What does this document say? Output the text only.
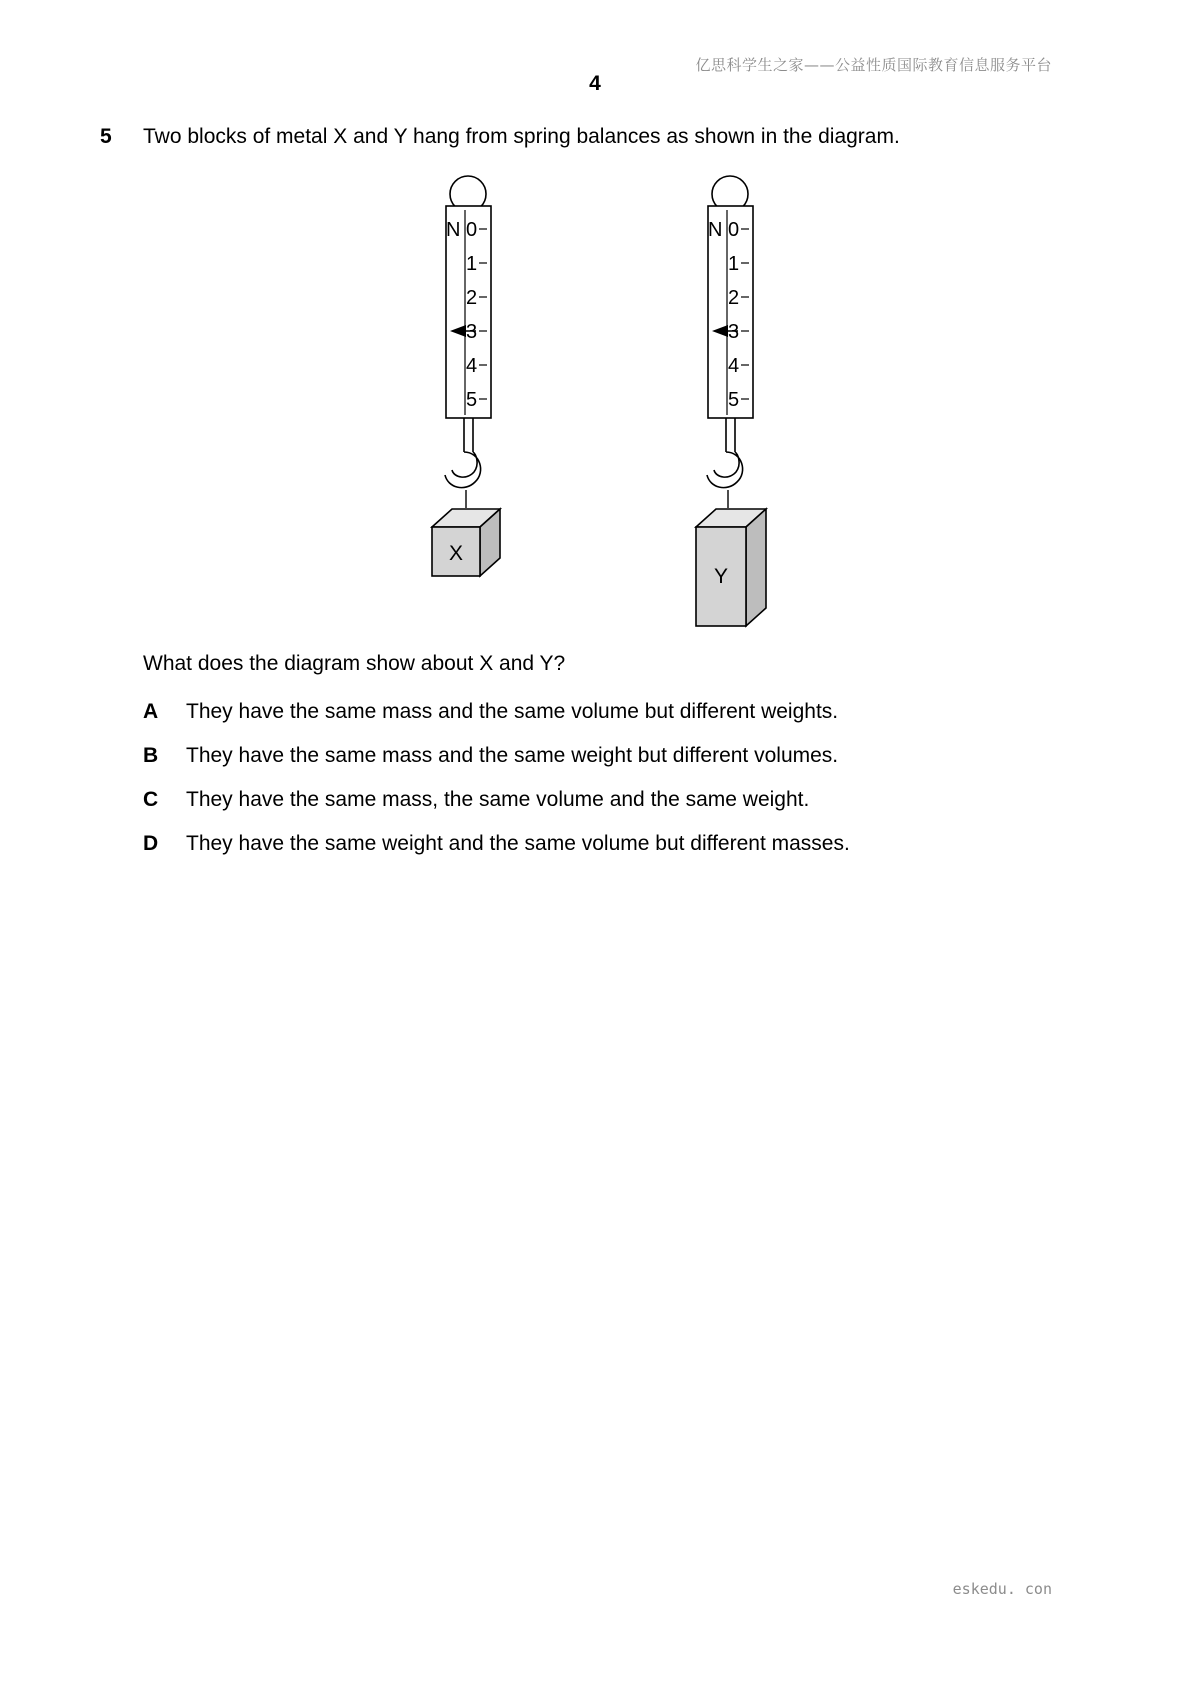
亿思科学生之家——公益性质国际教育信息服务平台
4
5 Two blocks of metal X and Y hang from spring balances as shown in the diagram.
N 0
1
2
3
4
5
X
N 0
1
2
3
4
5
Y
What does the diagram show about X and Y?
A They have the same mass and the same volume but different weights.
B They have the same mass and the same weight but different volumes.
C They have the same mass, the same volume and the same weight.
D They have the same weight and the same volume but different masses.
eskedu. con
